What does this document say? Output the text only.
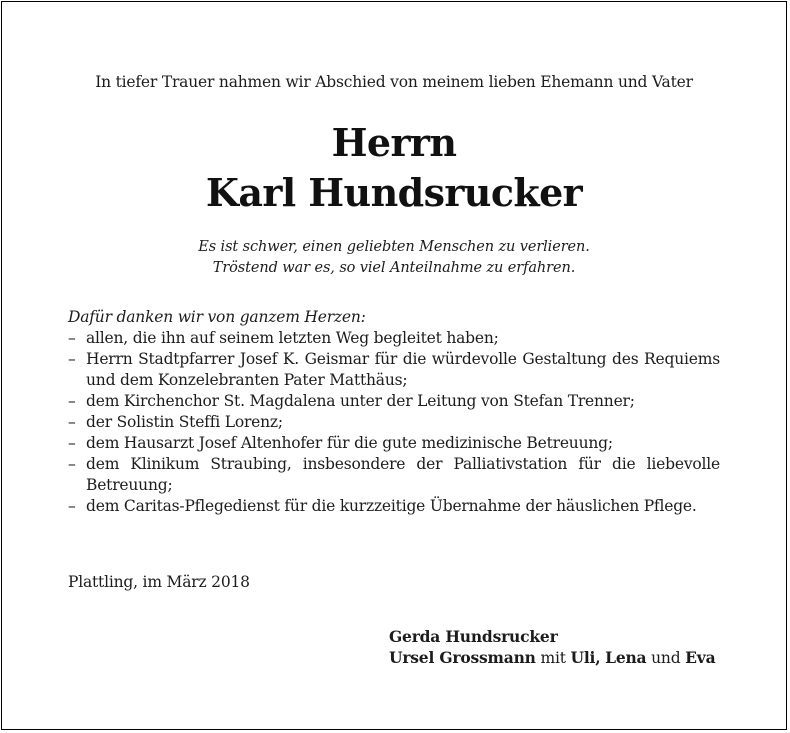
In tiefer Trauer nahmen wir Abschied von meinem lieben Ehemann und Vater
Herrn
Karl Hundsrucker
Es ist schwer, einen geliebten Menschen zu verlieren.
Tröstend war es, so viel Anteilnahme zu erfahren.
Dafür danken wir von ganzem Herzen:
– allen, die ihn auf seinem letzten Weg begleitet haben;
– Herrn Stadtpfarrer Josef K. Geismar für die würdevolle Gestaltung des Requiems und dem Konzelebranten Pater Matthäus;
– dem Kirchenchor St. Magdalena unter der Leitung von Stefan Trenner;
– der Solistin Steffi Lorenz;
– dem Hausarzt Josef Altenhofer für die gute medizinische Betreuung;
– dem Klinikum Straubing, insbesondere der Palliativstation für die liebevolle Betreuung;
– dem Caritas-Pflegedienst für die kurzzeitige Übernahme der häuslichen Pflege.
Plattling, im März 2018
Gerda Hundsrucker
Ursel Grossmann mit Uli, Lena und Eva
